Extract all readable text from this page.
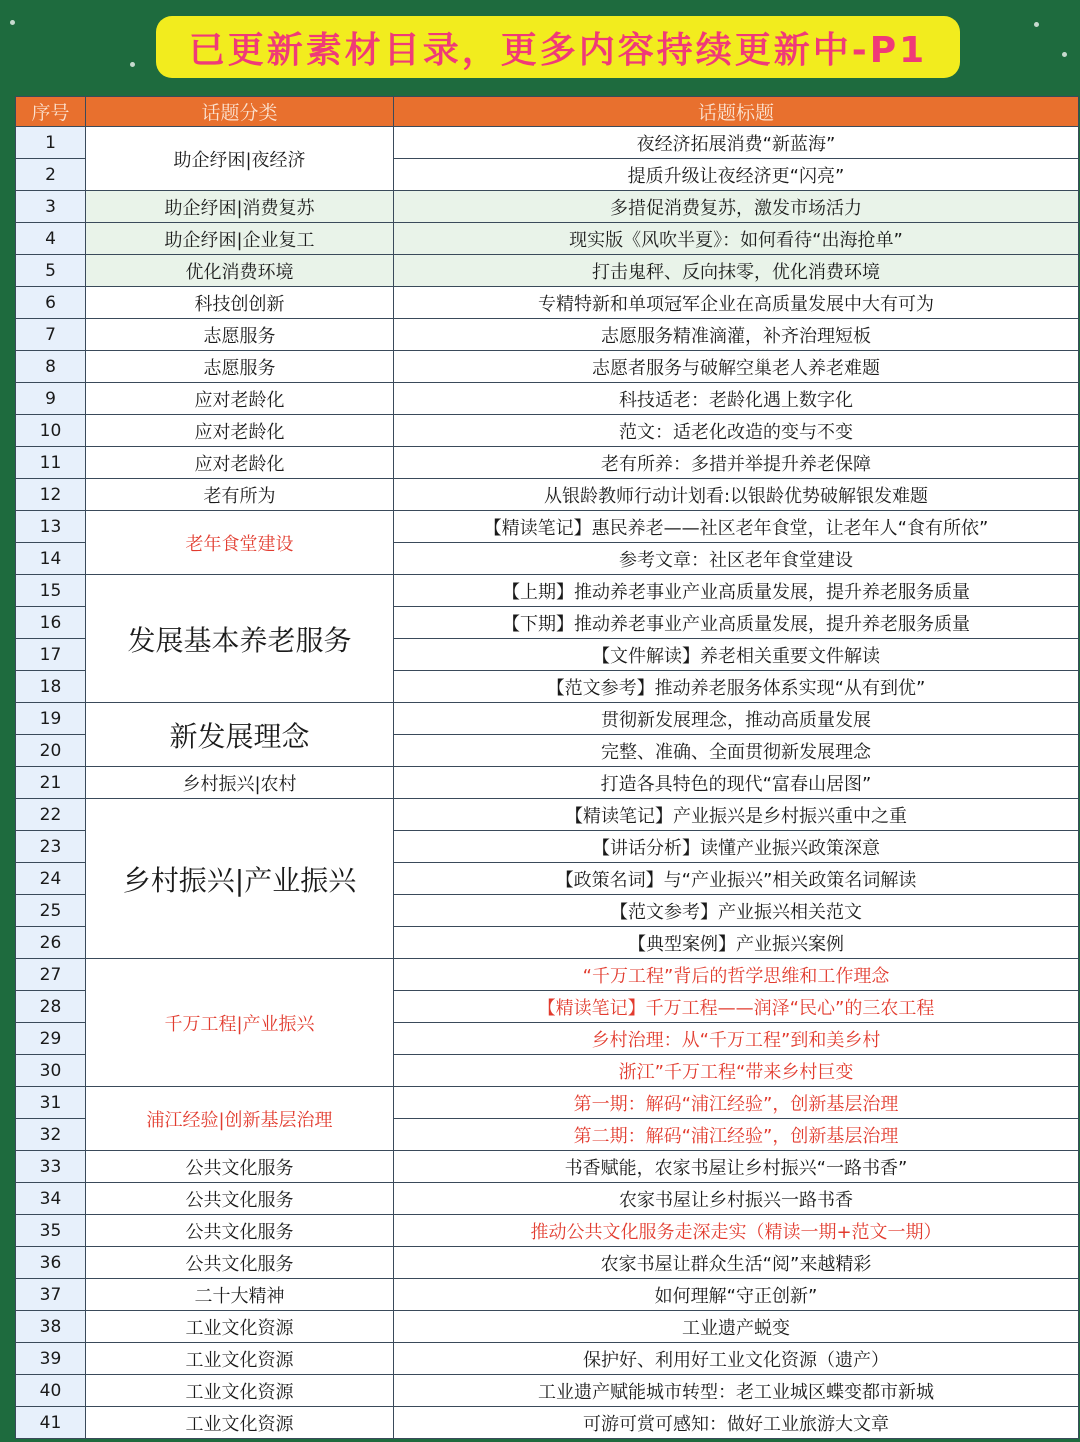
已更新素材目录，更多内容持续更新中-P1
序号	话题分类	话题标题
1	助企纾困|夜经济	夜经济拓展消费“新蓝海”
2		提质升级让夜经济更“闪亮”
3	助企纾困|消费复苏	多措促消费复苏，激发市场活力
4	助企纾困|企业复工	现实版《风吹半夏》：如何看待“出海抢单”
5	优化消费环境	打击鬼秤、反向抹零，优化消费环境
6	科技创创新	专精特新和单项冠军企业在高质量发展中大有可为
7	志愿服务	志愿服务精准滴灌，补齐治理短板
8	志愿服务	志愿者服务与破解空巢老人养老难题
9	应对老龄化	科技适老：老龄化遇上数字化
10	应对老龄化	范文：适老化改造的变与不变
11	应对老龄化	老有所养：多措并举提升养老保障
12	老有所为	从银龄教师行动计划看:以银龄优势破解银发难题
13	老年食堂建设	【精读笔记】惠民养老——社区老年食堂，让老年人“食有所依”
14		参考文章：社区老年食堂建设
15	发展基本养老服务	【上期】推动养老事业产业高质量发展，提升养老服务质量
16		【下期】推动养老事业产业高质量发展，提升养老服务质量
17		【文件解读】养老相关重要文件解读
18		【范文参考】推动养老服务体系实现“从有到优”
19	新发展理念	贯彻新发展理念，推动高质量发展
20		完整、准确、全面贯彻新发展理念
21	乡村振兴|农村	打造各具特色的现代“富春山居图”
22	乡村振兴|产业振兴	【精读笔记】产业振兴是乡村振兴重中之重
23		【讲话分析】读懂产业振兴政策深意
24		【政策名词】与“产业振兴”相关政策名词解读
25		【范文参考】产业振兴相关范文
26		【典型案例】产业振兴案例
27	千万工程|产业振兴	“千万工程”背后的哲学思维和工作理念
28		【精读笔记】千万工程——润泽“民心”的三农工程
29		乡村治理：从“千万工程”到和美乡村
30		浙江”千万工程“带来乡村巨变
31	浦江经验|创新基层治理	第一期：解码“浦江经验”，创新基层治理
32		第二期：解码“浦江经验”，创新基层治理
33	公共文化服务	书香赋能，农家书屋让乡村振兴“一路书香”
34	公共文化服务	农家书屋让乡村振兴一路书香
35	公共文化服务	推动公共文化服务走深走实（精读一期+范文一期）
36	公共文化服务	农家书屋让群众生活“阅”来越精彩
37	二十大精神	如何理解“守正创新”
38	工业文化资源	工业遗产蜕变
39	工业文化资源	保护好、利用好工业文化资源（遗产）
40	工业文化资源	工业遗产赋能城市转型：老工业城区蝶变都市新城
41	工业文化资源	可游可赏可感知：做好工业旅游大文章
